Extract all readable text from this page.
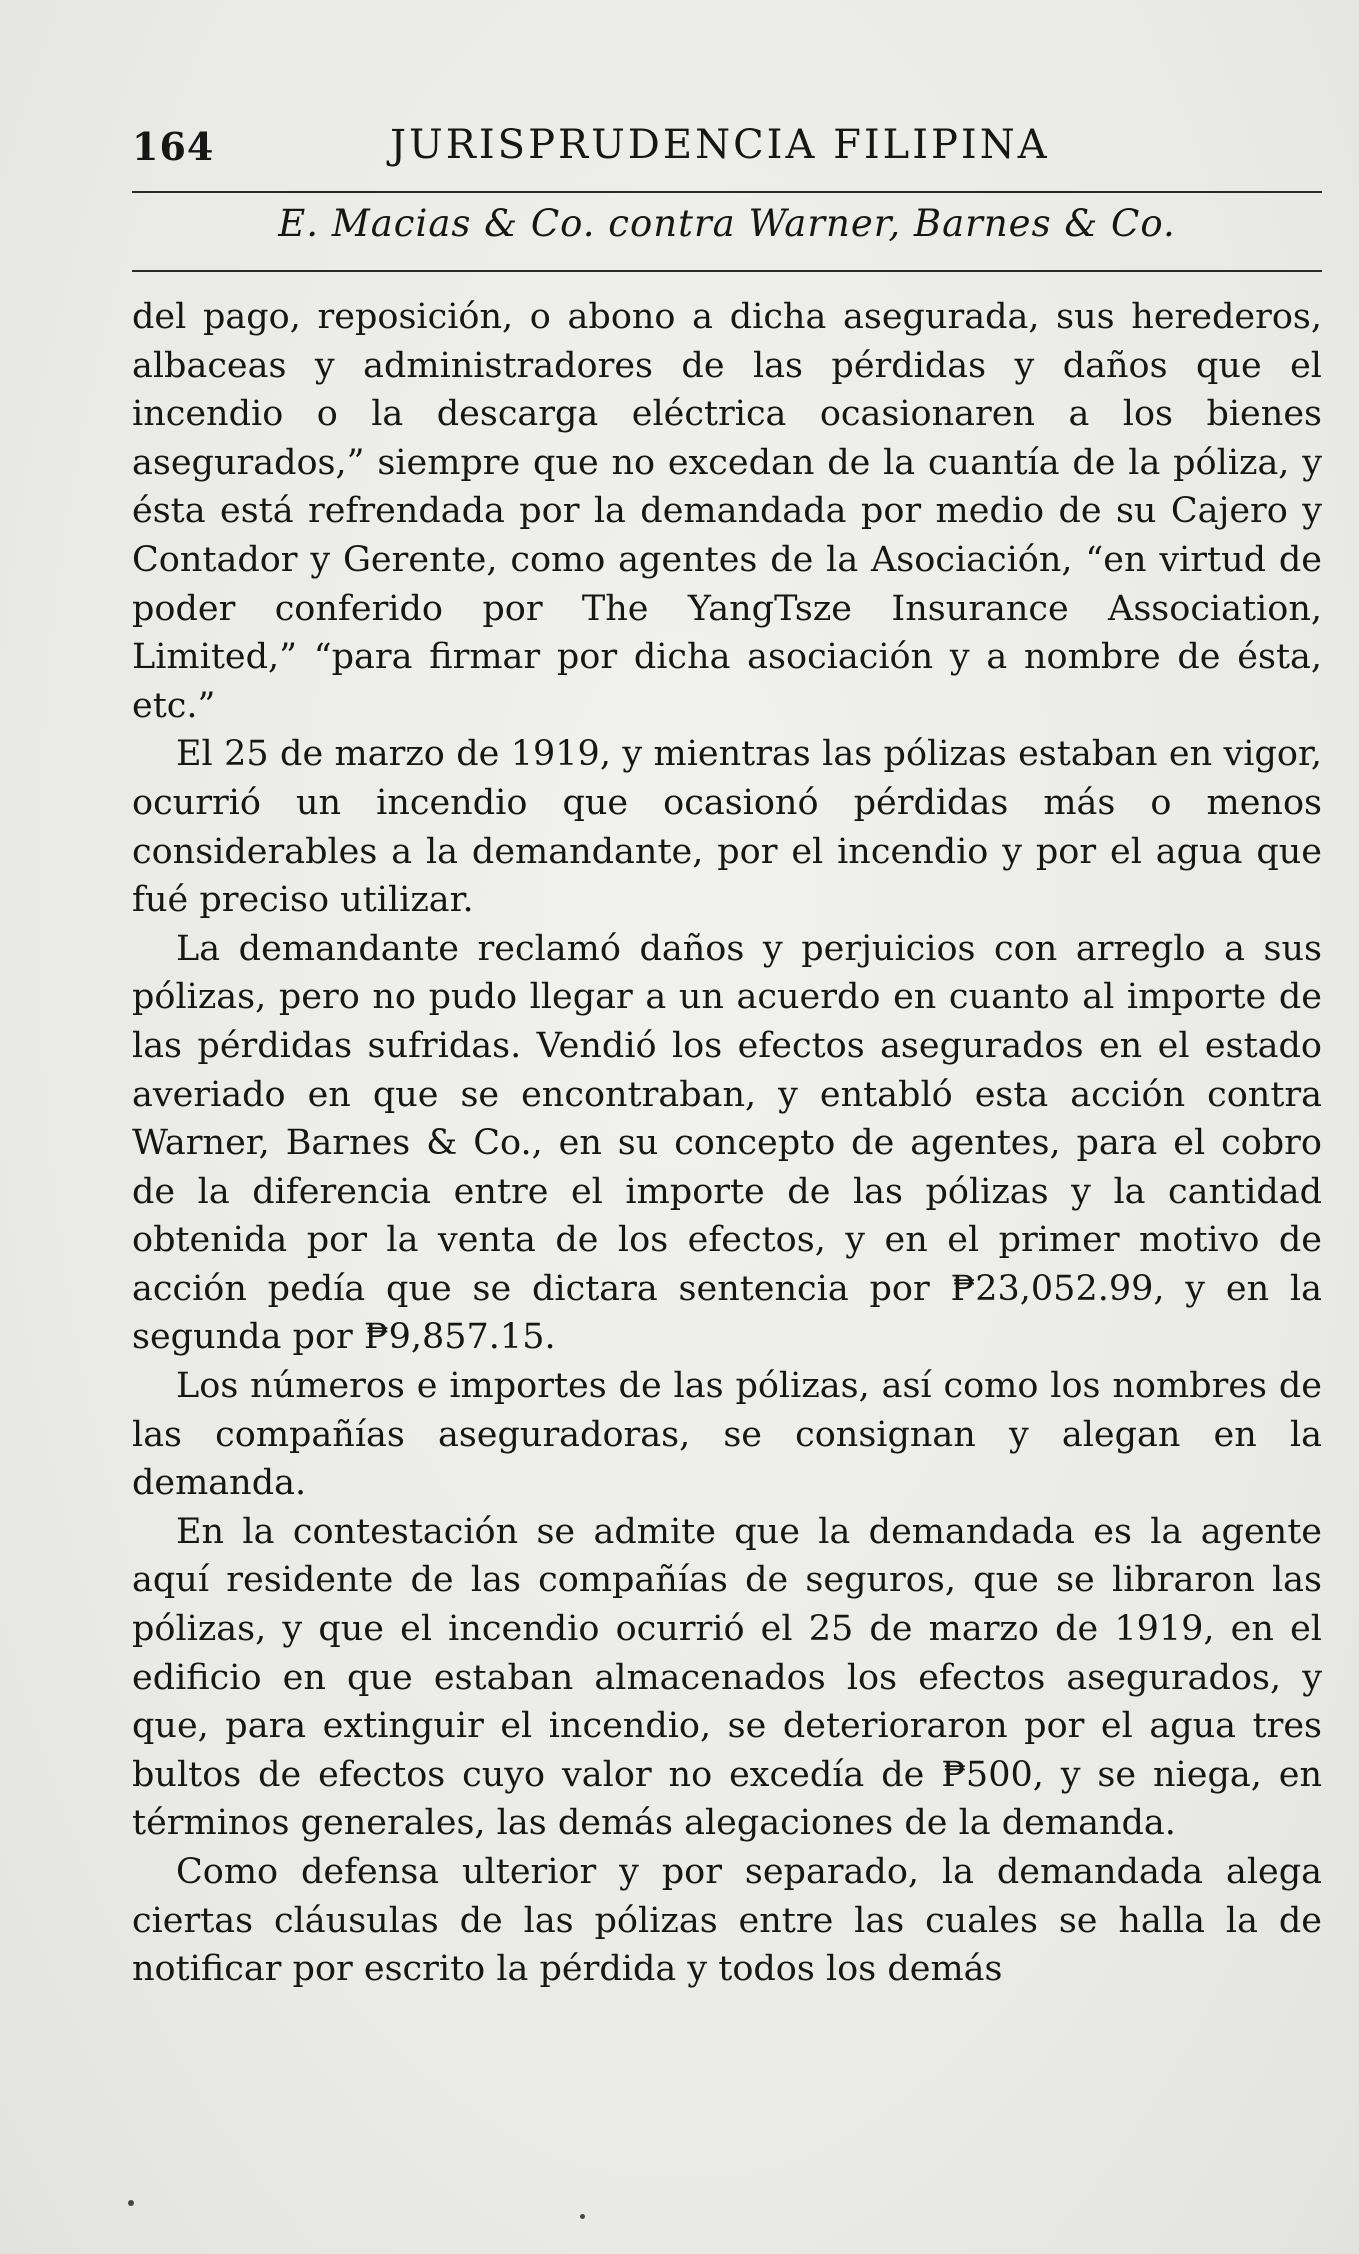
164	JURISPRUDENCIA FILIPINA
E. Macias & Co. contra Warner, Barnes & Co.

del pago, reposición, o abono a dicha asegurada, sus herederos, albaceas y administradores de las pérdidas y daños que el incendio o la descarga eléctrica ocasionaren a los bienes asegurados,” siempre que no excedan de la cuantía de la póliza, y ésta está refrendada por la demandada por medio de su Cajero y Contador y Gerente, como agentes de la Asociación, “en virtud de poder conferido por The YangTsze Insurance Association, Limited,” “para firmar por dicha asociación y a nombre de ésta, etc.”

El 25 de marzo de 1919, y mientras las pólizas estaban en vigor, ocurrió un incendio que ocasionó pérdidas más o menos considerables a la demandante, por el incendio y por el agua que fué preciso utilizar.

La demandante reclamó daños y perjuicios con arreglo a sus pólizas, pero no pudo llegar a un acuerdo en cuanto al importe de las pérdidas sufridas. Vendió los efectos asegurados en el estado averiado en que se encontraban, y entabló esta acción contra Warner, Barnes & Co., en su concepto de agentes, para el cobro de la diferencia entre el importe de las pólizas y la cantidad obtenida por la venta de los efectos, y en el primer motivo de acción pedía que se dictara sentencia por ₱23,052.99, y en la segunda por ₱9,857.15.

Los números e importes de las pólizas, así como los nombres de las compañías aseguradoras, se consignan y alegan en la demanda.

En la contestación se admite que la demandada es la agente aquí residente de las compañías de seguros, que se libraron las pólizas, y que el incendio ocurrió el 25 de marzo de 1919, en el edificio en que estaban almacenados los efectos asegurados, y que, para extinguir el incendio, se deterioraron por el agua tres bultos de efectos cuyo valor no excedía de ₱500, y se niega, en términos generales, las demás alegaciones de la demanda.

Como defensa ulterior y por separado, la demandada alega ciertas cláusulas de las pólizas entre las cuales se halla la de notificar por escrito la pérdida y todos los demás
